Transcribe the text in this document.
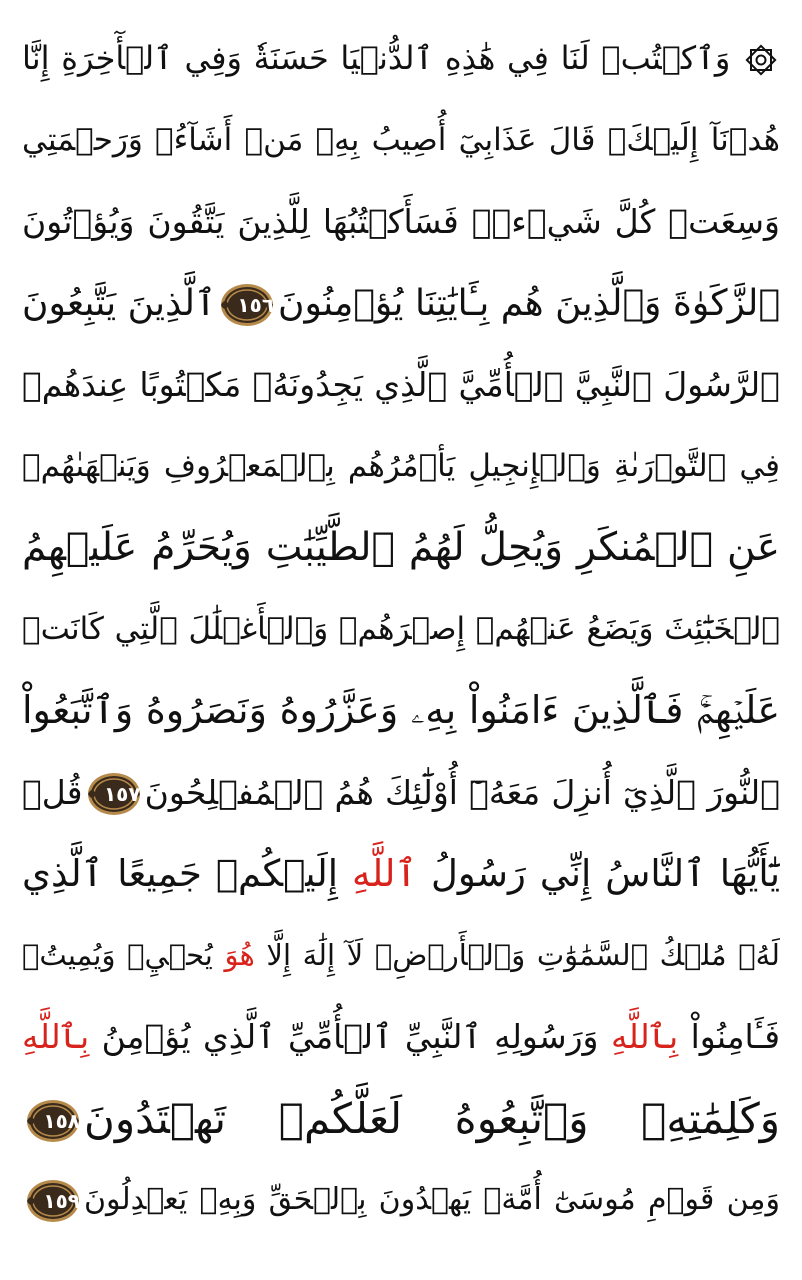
وَٱكۡتُبۡ لَنَا فِي هَٰذِهِ ٱلدُّنۡيَا حَسَنَةٗ وَفِي ٱلۡأٓخِرَةِ إِنَّا
هُدۡنَآ إِلَيۡكَۚ قَالَ عَذَابِيٓ أُصِيبُ بِهِۦ مَنۡ أَشَآءُۖ وَرَحۡمَتِي
وَسِعَتۡ كُلَّ شَيۡءٖۚ فَسَأَكۡتُبُهَا لِلَّذِينَ يَتَّقُونَ وَيُؤۡتُونَ
ٱلزَّكَوٰةَ وَٱلَّذِينَ هُم بِـَٔايَٰتِنَا يُؤۡمِنُونَ
١٥٦
ٱلَّذِينَ يَتَّبِعُونَ
ٱلرَّسُولَ ٱلنَّبِيَّ ٱلۡأُمِّيَّ ٱلَّذِي يَجِدُونَهُۥ مَكۡتُوبًا عِندَهُمۡ
فِي ٱلتَّوۡرَىٰةِ وَٱلۡإِنجِيلِ يَأۡمُرُهُم بِٱلۡمَعۡرُوفِ وَيَنۡهَىٰهُمۡ
عَنِ ٱلۡمُنكَرِ وَيُحِلُّ لَهُمُ ٱلطَّيِّبَٰتِ وَيُحَرِّمُ عَلَيۡهِمُ
ٱلۡخَبَٰٓئِثَ وَيَضَعُ عَنۡهُمۡ إِصۡرَهُمۡ وَٱلۡأَغۡلَٰلَ ٱلَّتِي كَانَتۡ
عَلَيۡهِمۡۚ فَٱلَّذِينَ ءَامَنُواْ بِهِۦ وَعَزَّرُوهُ وَنَصَرُوهُ وَٱتَّبَعُواْ
ٱلنُّورَ ٱلَّذِيٓ أُنزِلَ مَعَهُۥٓ أُوْلَٰٓئِكَ هُمُ ٱلۡمُفۡلِحُونَ
١٥٧
قُلۡ
يَٰٓأَيُّهَا ٱلنَّاسُ إِنِّي رَسُولُ ٱللَّهِ إِلَيۡكُمۡ جَمِيعًا ٱلَّذِي
لَهُۥ مُلۡكُ ٱلسَّمَٰوَٰتِ وَٱلۡأَرۡضِۖ لَآ إِلَٰهَ إِلَّا هُوَ يُحۡيِۦ وَيُمِيتُۖ
فَـَٔامِنُواْ بِٱللَّهِ وَرَسُولِهِ ٱلنَّبِيِّ ٱلۡأُمِّيِّ ٱلَّذِي يُؤۡمِنُ بِٱللَّهِ
وَكَلِمَٰتِهِۦ وَٱتَّبِعُوهُ لَعَلَّكُمۡ تَهۡتَدُونَ
١٥٨
وَمِن قَوۡمِ مُوسَىٰٓ أُمَّةٞ يَهۡدُونَ بِٱلۡحَقِّ وَبِهِۦ يَعۡدِلُونَ
١٥٩
